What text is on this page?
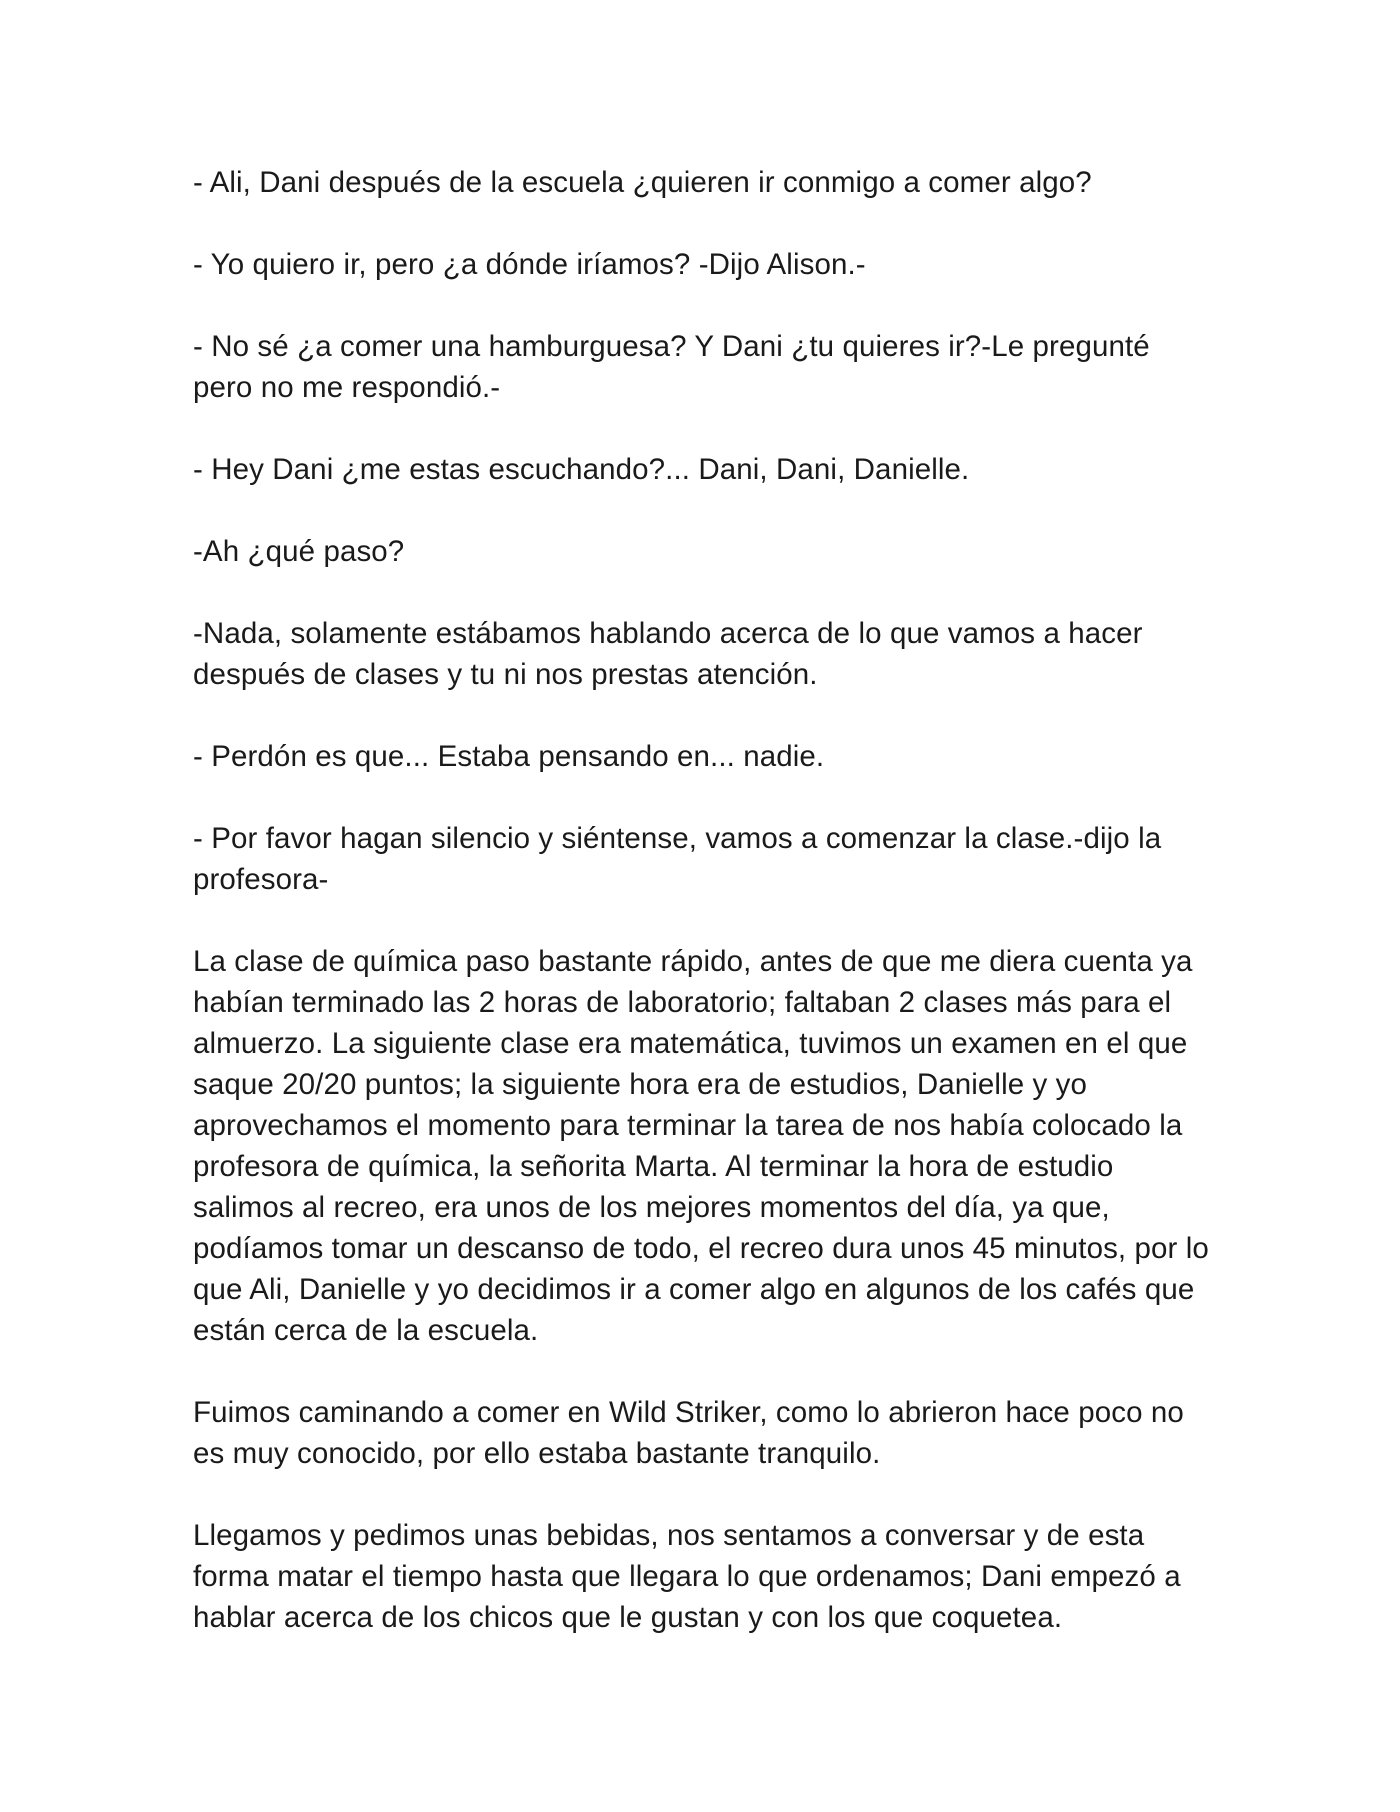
- Ali, Dani después de la escuela ¿quieren ir conmigo a comer algo?

- Yo quiero ir, pero ¿a dónde iríamos? -Dijo Alison.-

- No sé ¿a comer una hamburguesa? Y Dani ¿tu quieres ir?-Le pregunté pero no me respondió.-

- Hey Dani ¿me estas escuchando?... Dani, Dani, Danielle.

-Ah ¿qué paso?

-Nada, solamente estábamos hablando acerca de lo que vamos a hacer después de clases y tu ni nos prestas atención.

- Perdón es que... Estaba pensando en... nadie.

- Por favor hagan silencio y siéntense, vamos a comenzar la clase.-dijo la profesora-

La clase de química paso bastante rápido, antes de que me diera cuenta ya habían terminado las 2 horas de laboratorio; faltaban 2 clases más para el almuerzo. La siguiente clase era matemática, tuvimos un examen en el que saque 20/20 puntos; la siguiente hora era de estudios, Danielle y yo aprovechamos el momento para terminar la tarea de nos había colocado la profesora de química, la señorita Marta. Al terminar la hora de estudio salimos al recreo, era unos de los mejores momentos del día, ya que, podíamos tomar un descanso de todo, el recreo dura unos 45 minutos, por lo que Ali, Danielle y yo decidimos ir a comer algo en algunos de los cafés que están cerca de la escuela.

Fuimos caminando a comer en Wild Striker, como lo abrieron hace poco no es muy conocido, por ello estaba bastante tranquilo.

Llegamos y pedimos unas bebidas, nos sentamos a conversar y de esta forma matar el tiempo hasta que llegara lo que ordenamos; Dani empezó a hablar acerca de los chicos que le gustan y con los que coquetea.
